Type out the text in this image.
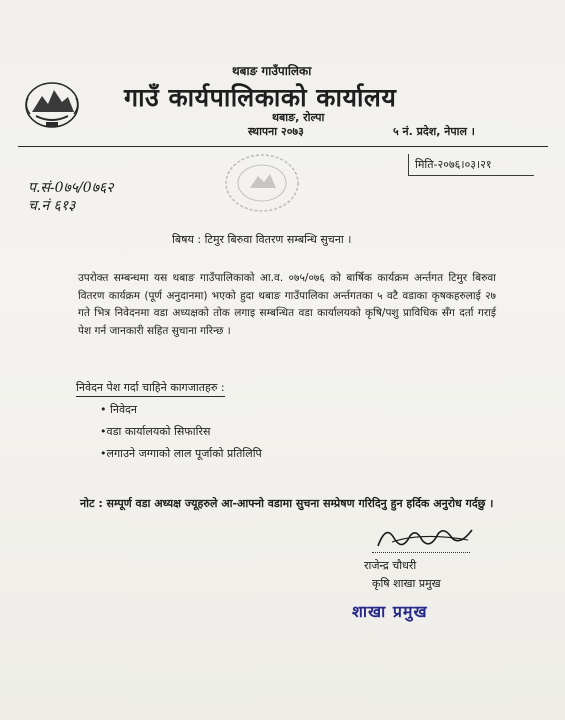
थबाङ गाउँपालिका
गाउँ कार्यपालिकाको कार्यालय
थबाङ, रोल्पा
स्थापना २०७३	५ नं. प्रदेश, नेपाल ।
मिति-२०७६।०३।२१
प.सं-0७५/0७६२
च.नं ६१३
बिषय : टिमुर बिरुवा वितरण सम्बन्धि सुचना ।
उपरोक्त सम्बन्धमा यस थबाङ गाउँपालिकाको आ.व. ०७५/०७६ को बार्षिक कार्यक्रम अर्न्तगत टिमुर बिरुवा वितरण कार्यक्रम (पूर्ण अनुदानमा) भएको हुदा थबाङ गाउँपालिका अर्न्तगतका ५ वटै वडाका कृषकहरुलाई २७ गते भित्र निवेदनमा वडा अध्यक्षको तोक लगाइ सम्बन्धित वडा कार्यालयको कृषि/पशु प्राविधिक सँग दर्ता गराई पेश गर्न जानकारी सहित सुचाना गरिन्छ ।
निवेदन पेश गर्दा चाहिने कागजातहरु :
• निवेदन
•वडा कार्यालयको सिफारिस
•लगाउने जग्गाको लाल पूर्जाको प्रतिलिपि
नोट : सम्पूर्ण वडा अध्यक्ष ज्यूहरुले आ-आफ्नो वडामा सुचना सम्प्रेषण गरिदिनु हुन हर्दिक अनुरोध गर्दछु ।
राजेन्द्र चौधरी
कृषि शाखा प्रमुख
शाखा प्रमुख
